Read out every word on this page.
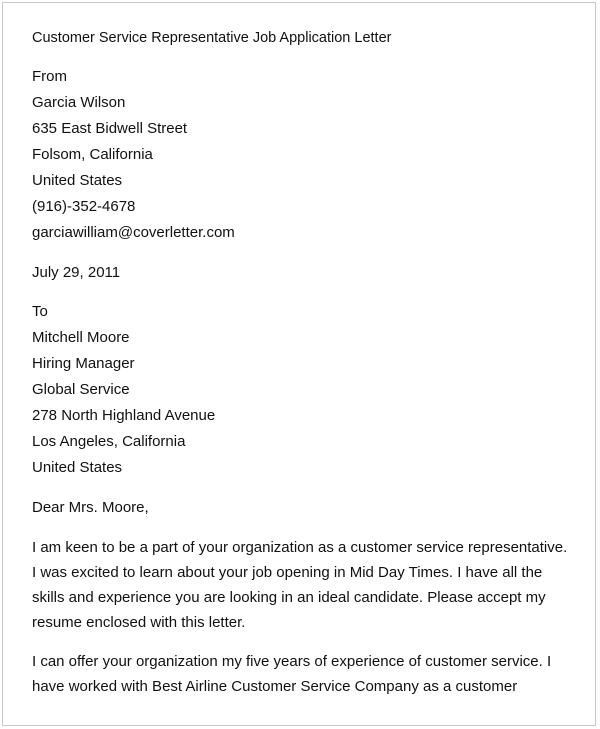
Customer Service Representative Job Application Letter
From
Garcia Wilson
635 East Bidwell Street
Folsom, California
United States
(916)-352-4678
garciawilliam@coverletter.com
July 29, 2011
To
Mitchell Moore
Hiring Manager
Global Service
278 North Highland Avenue
Los Angeles, California
United States
Dear Mrs. Moore,
I am keen to be a part of your organization as a customer service representative.
I was excited to learn about your job opening in Mid Day Times. I have all the
skills and experience you are looking in an ideal candidate. Please accept my
resume enclosed with this letter.
I can offer your organization my five years of experience of customer service. I
have worked with Best Airline Customer Service Company as a customer
